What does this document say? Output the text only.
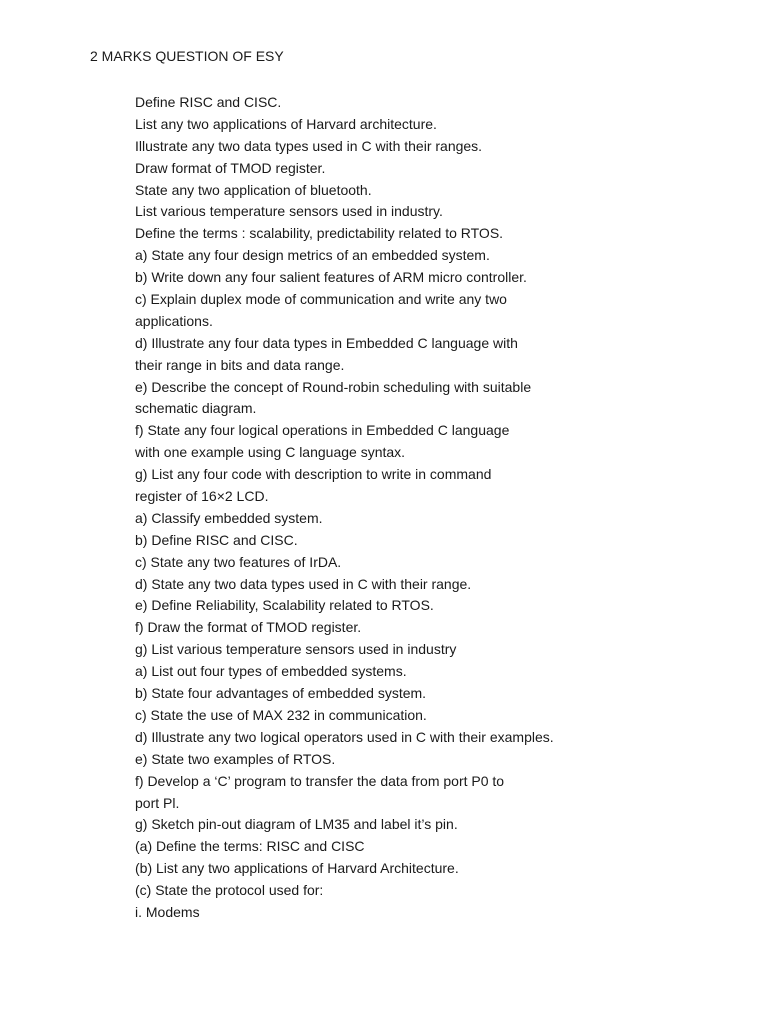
2 MARKS QUESTION OF ESY
Define RISC and CISC.
List any two applications of Harvard architecture.
Illustrate any two data types used in C with their ranges.
Draw format of TMOD register.
State any two application of bluetooth.
List various temperature sensors used in industry.
Define the terms : scalability, predictability related to RTOS.
a) State any four design metrics of an embedded system.
b) Write down any four salient features of ARM micro controller.
c) Explain duplex mode of communication and write any two
applications.
d) Illustrate any four data types in Embedded C language with
their range in bits and data range.
e) Describe the concept of Round-robin scheduling with suitable
schematic diagram.
f) State any four logical operations in Embedded C language
with one example using C language syntax.
g) List any four code with description to write in command
register of 16×2 LCD.
a) Classify embedded system.
b) Define RISC and CISC.
c) State any two features of IrDA.
d) State any two data types used in C with their range.
e) Define Reliability, Scalability related to RTOS.
f) Draw the format of TMOD register.
g) List various temperature sensors used in industry
a) List out four types of embedded systems.
b) State four advantages of embedded system.
c) State the use of MAX 232 in communication.
d) Illustrate any two logical operators used in C with their examples.
e) State two examples of RTOS.
f) Develop a ‘C’ program to transfer the data from port P0 to
port Pl.
g) Sketch pin-out diagram of LM35 and label it’s pin.
(a) Define the terms: RISC and CISC
(b) List any two applications of Harvard Architecture.
(c) State the protocol used for:
i. Modems
